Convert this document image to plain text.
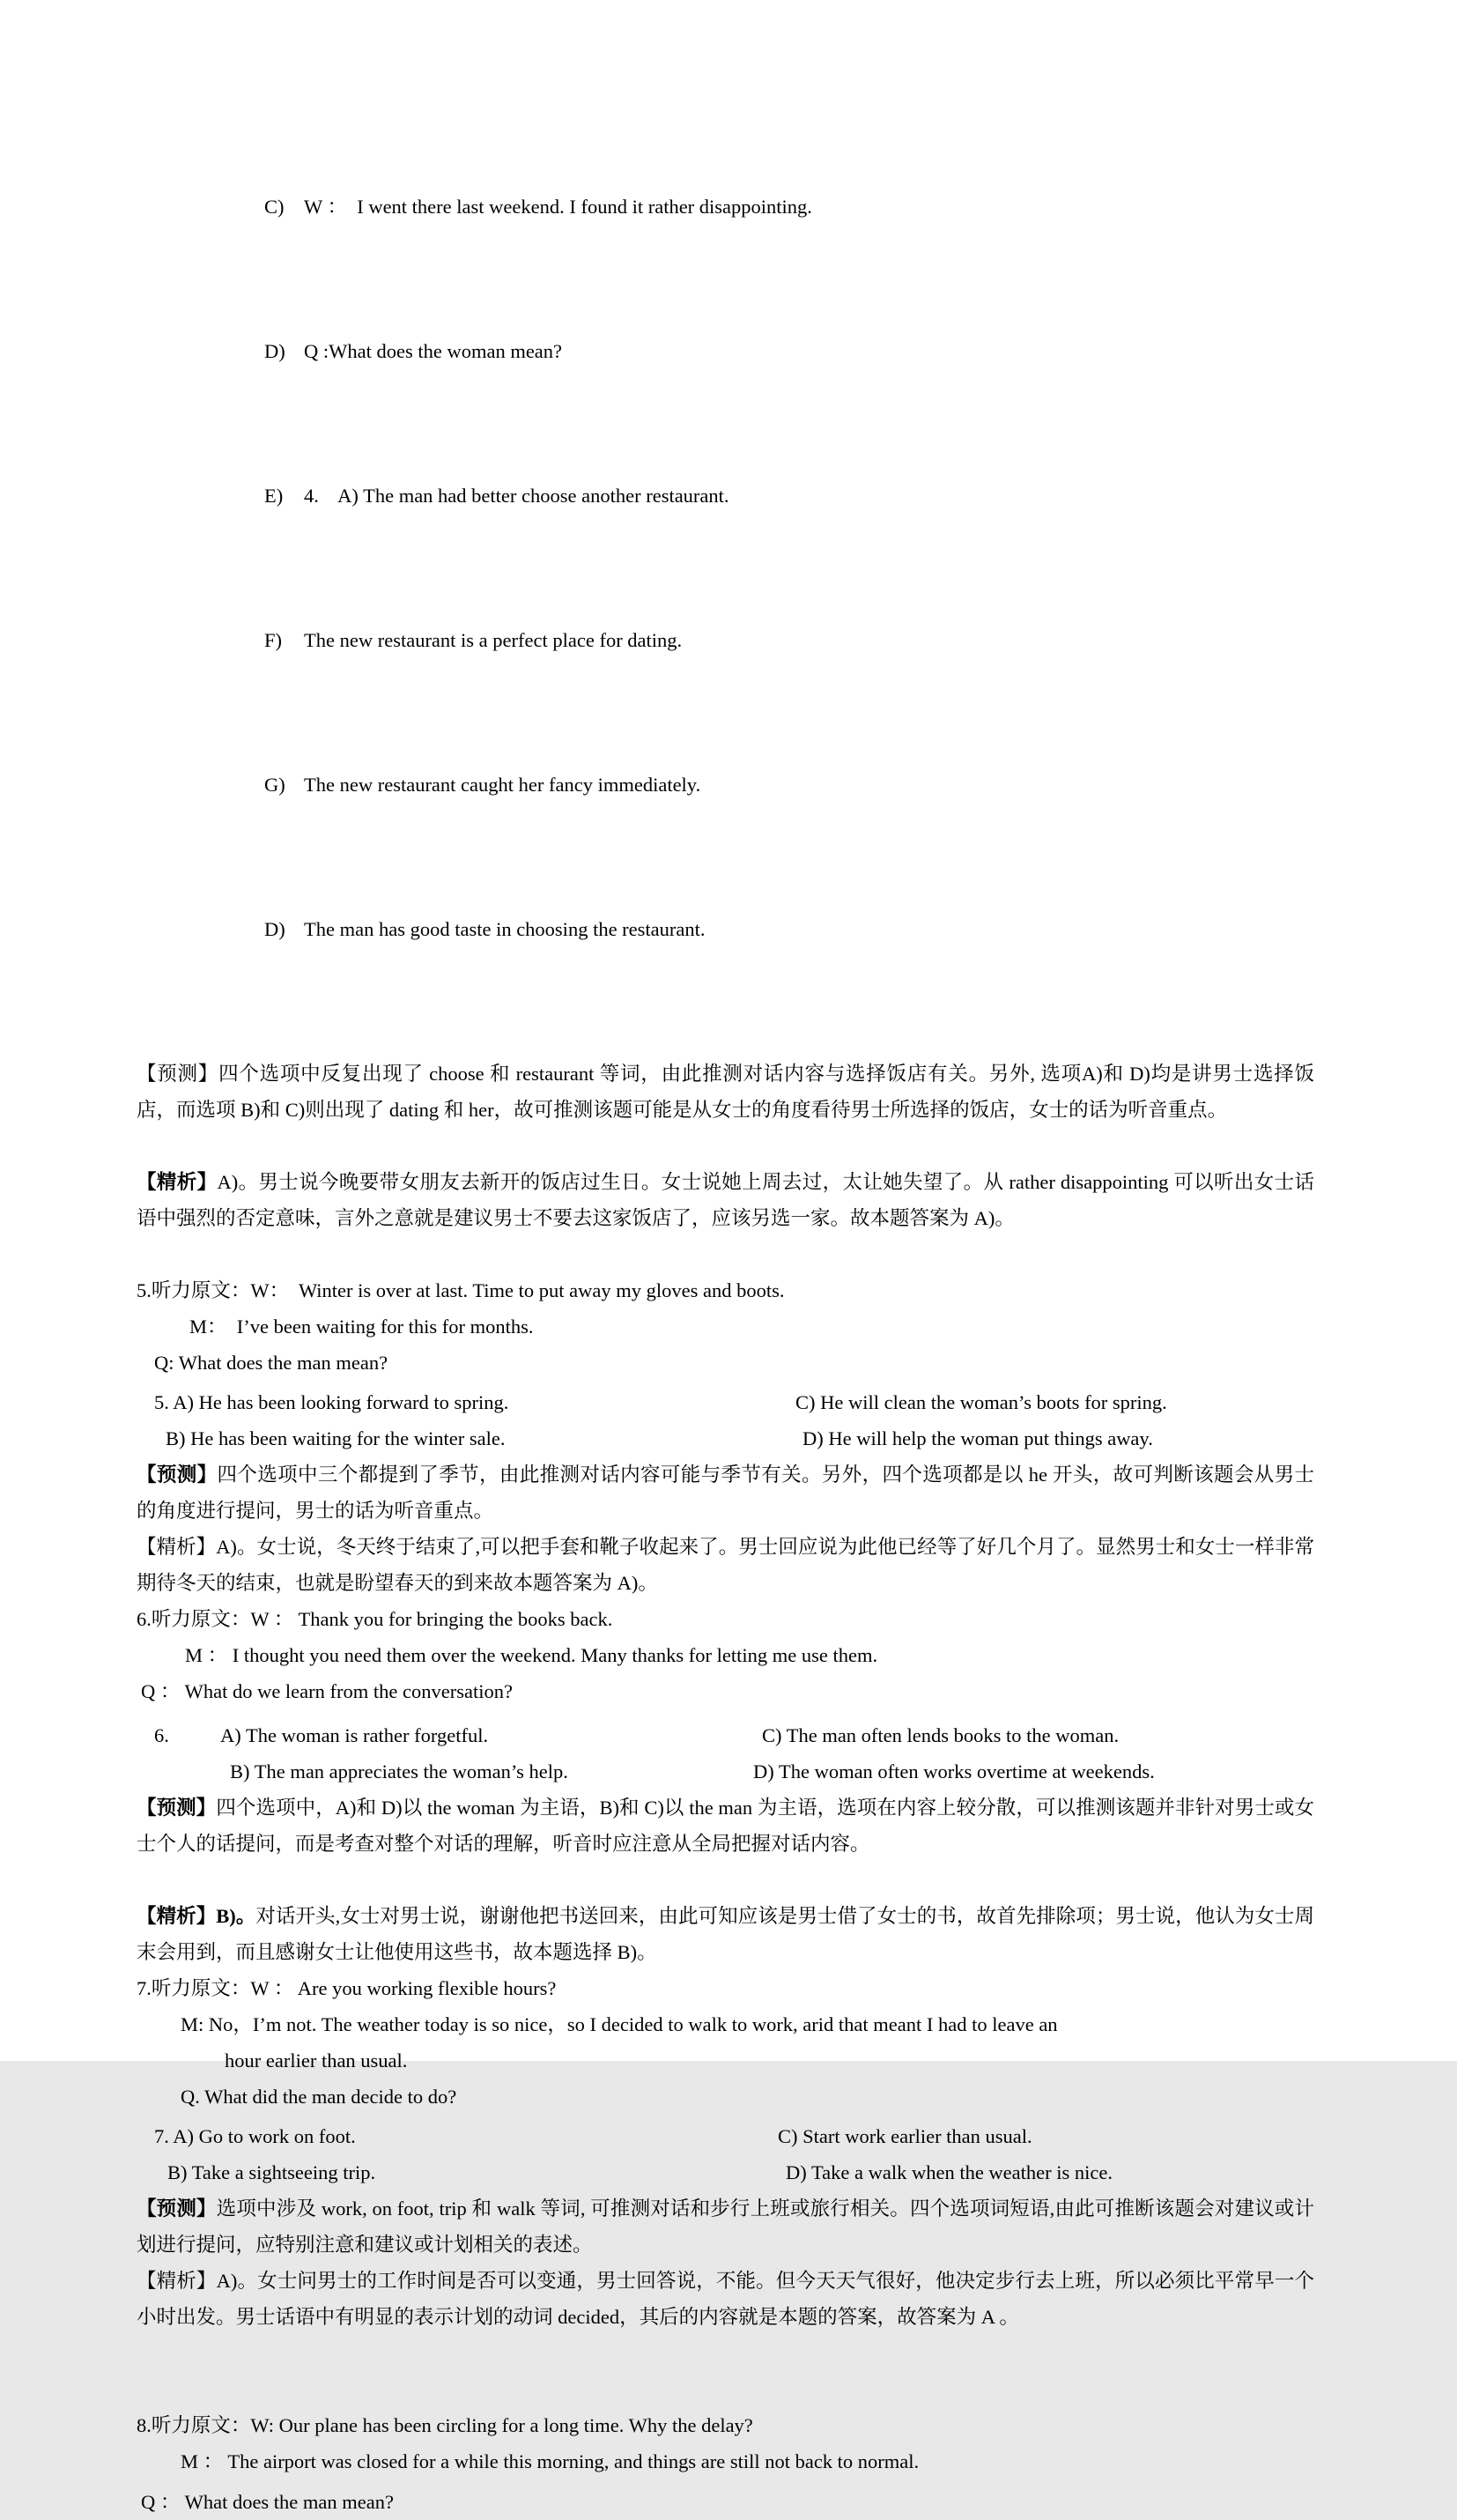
C)

W ：  I went there last weekend. I found it rather disappointing.

D)

Q :What does the woman mean?

E)

4.    A) The man had better choose another restaurant.

F)

The new restaurant is a perfect place for dating.

G)

The new restaurant caught her fancy immediately.

D)

The man has good taste in choosing the restaurant.

【预测】四个选项中反复出现了 choose 和 restaurant 等词，由此推测对话内容与选择饭店有关。另外, 选项A)和 D)均是讲男士选择饭店，而选项 B)和 C)则出现了 dating 和 her，故可推测该题可能是从女士的角度看待男士所选择的饭店，女士的话为听音重点。
【精析】A)。男士说今晚要带女朋友去新开的饭店过生日。女士说她上周去过，太让她失望了。从 rather disappointing 可以听出女士话语中强烈的否定意味，言外之意就是建议男士不要去这家饭店了，应该另选一家。故本题答案为 A)。
5.听力原文：W：  Winter is over at last. Time to put away my gloves and boots.
M：  I’ve been waiting for this for months.
Q: What does the man mean?

5. A) He has been looking forward to spring.

	C) He will clean the woman’s boots for spring.

B) He has been waiting for the winter sale.

	D) He will help the woman put things away.

【预测】四个选项中三个都提到了季节，由此推测对话内容可能与季节有关。另外，四个选项都是以 he 开头，故可判断该题会从男士的角度进行提问，男士的话为听音重点。
【精析】A)。女士说，冬天终于结束了,可以把手套和靴子收起来了。男士回应说为此他已经等了好几个月了。显然男士和女士一样非常期待冬天的结束，也就是盼望春天的到来故本题答案为 A)。
6.听力原文：W ： Thank you for bringing the books back.
M ： I thought you need them over the weekend. Many thanks for letting me use them.
Q ： What do we learn from the conversation?

6.

	A) The woman is rather forgetful.

	C) The man often lends books to the woman.

B) The man appreciates the woman’s help.

	D) The woman often works overtime at weekends.

【预测】四个选项中，A)和 D)以 the woman 为主语，B)和 C)以 the man 为主语，选项在内容上较分散，可以推测该题并非针对男士或女士个人的话提问，而是考查对整个对话的理解，听音时应注意从全局把握对话内容。
【精析】B)。对话开头,女士对男士说，谢谢他把书送回来，由此可知应该是男士借了女士的书，故首先排除项；男士说，他认为女士周末会用到，而且感谢女士让他使用这些书，故本题选择 B)。
7.听力原文：W ： Are you working flexible hours?
M: No，I’m not. The weather today is so nice，so I decided to walk to work, arid that meant I had to leave an
hour earlier than usual.
Q. What did the man decide to do?

7. A) Go to work on foot.

	C) Start work earlier than usual.

B) Take a sightseeing trip.

	D) Take a walk when the weather is nice.

【预测】选项中涉及 work, on foot, trip 和 walk 等词, 可推测对话和步行上班或旅行相关。四个选项词短语,由此可推断该题会对建议或计划进行提问，应特别注意和建议或计划相关的表述。
【精析】A)。女士问男士的工作时间是否可以变通，男士回答说，不能。但今天天气很好，他决定步行去上班，所以必须比平常早一个小时出发。男士话语中有明显的表示计划的动词 decided，其后的内容就是本题的答案，故答案为 A 。
8.听力原文：W: Our plane has been circling for a long time. Why the delay?
M ： The airport was closed for a while this morning, and things are still not back to normal.
Q ： What does the man mean?
